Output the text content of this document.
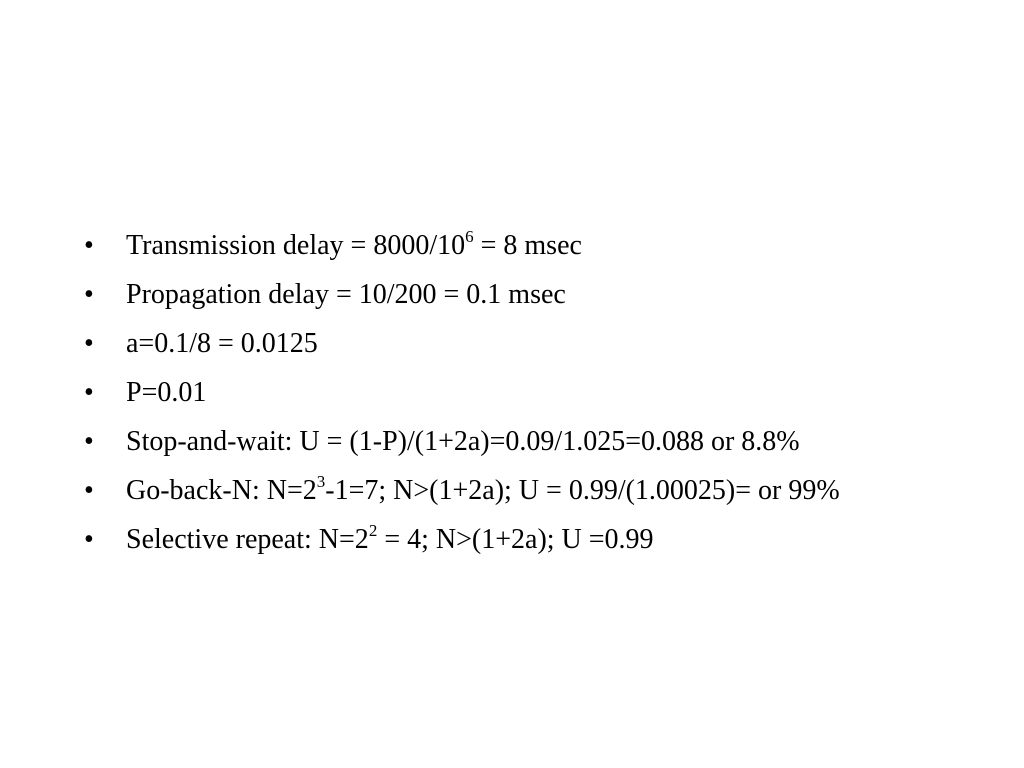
•	Transmission delay = $8000/10^6 = 8$ msec
•	Propagation delay = 10/200 = 0.1 msec
•	a=0.1/8 = 0.0125
•	P=0.01
•	Stop-and-wait: U = (1-P)/(1+2a)=0.09/1.025=0.088 or 8.8%
•	Go-back-N: $N=2^3-1=7$; N>(1+2a); U = 0.99/(1.00025)= or 99%
•	Selective repeat: $N=2^2 = 4$; N>(1+2a); U =0.99
